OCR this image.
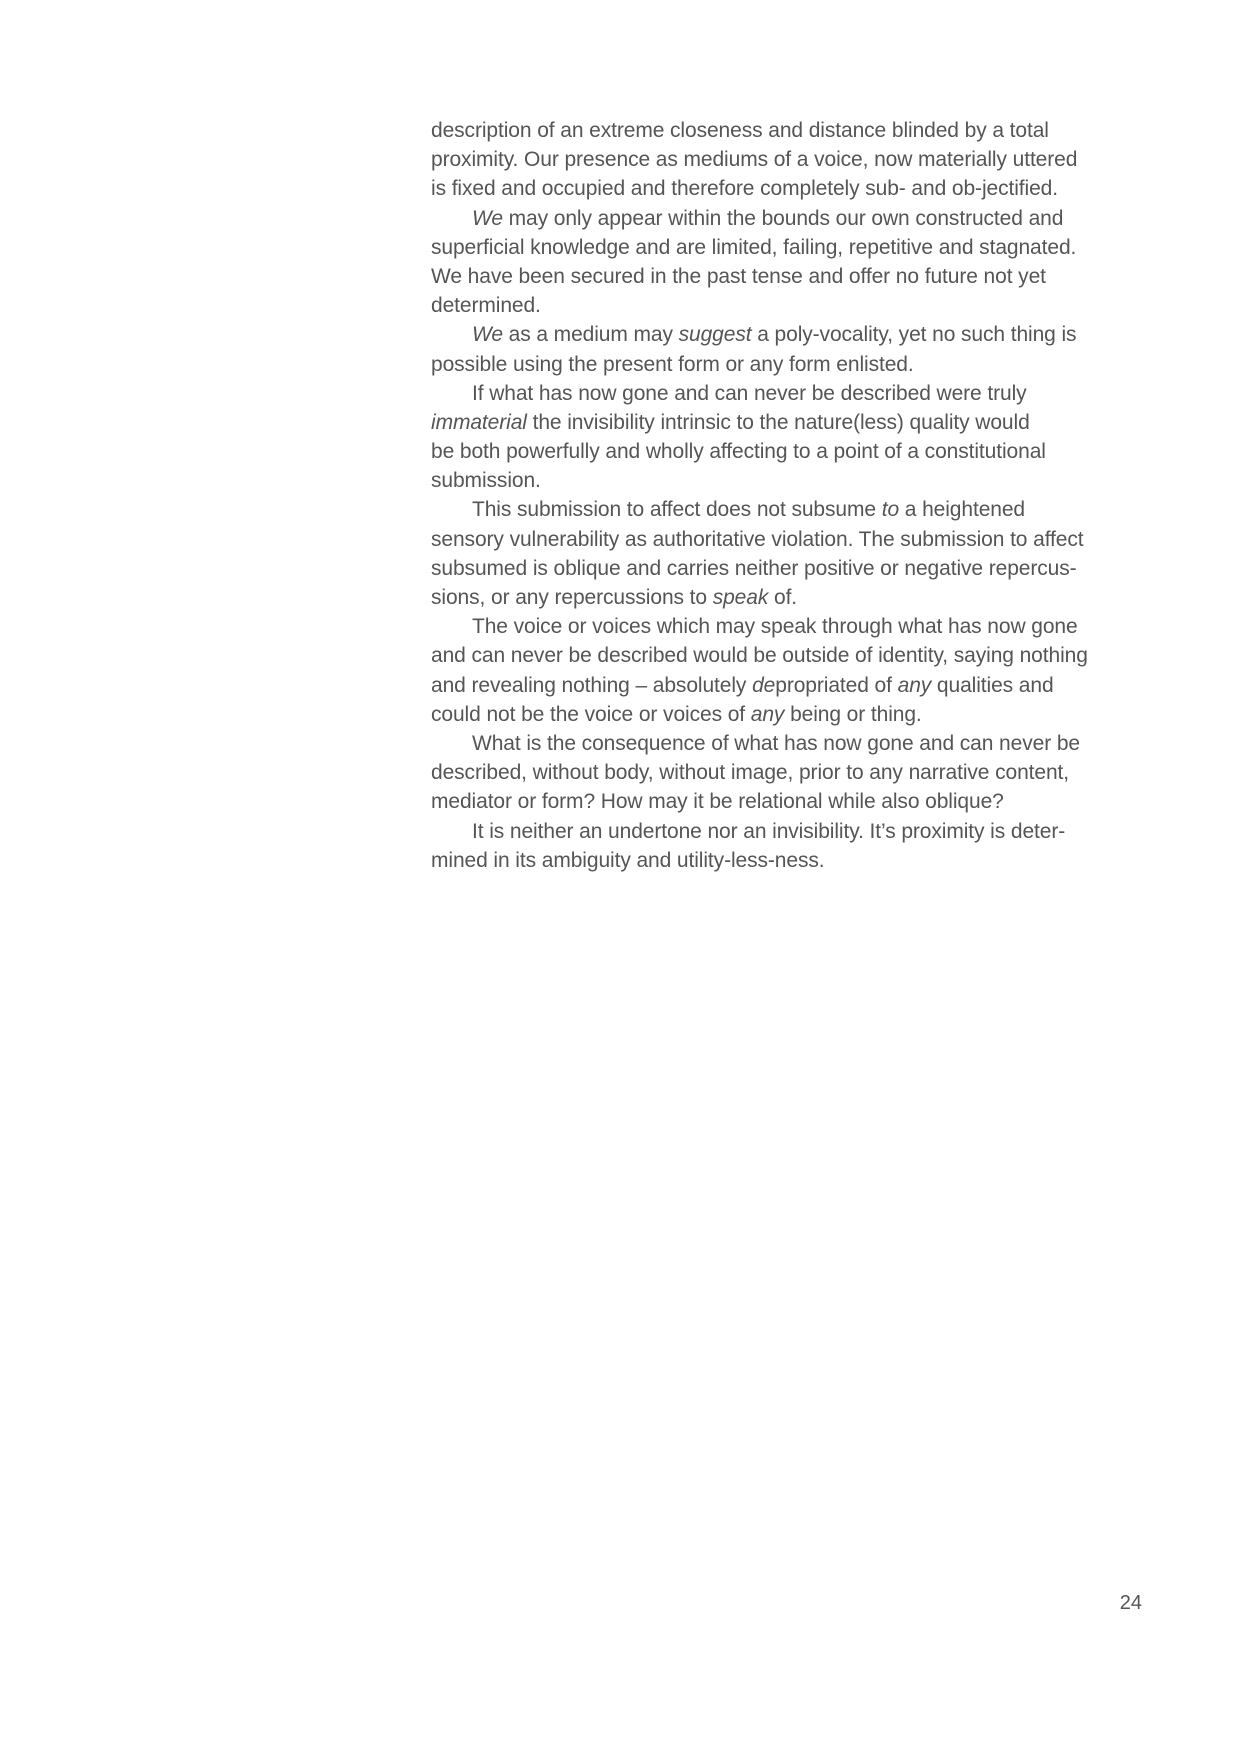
description of an extreme closeness and distance blinded by a total
proximity. Our presence as mediums of a voice, now materially uttered
is fixed and occupied and therefore completely sub- and ob-jectified.
We may only appear within the bounds our own constructed and
superficial knowledge and are limited, failing, repetitive and stagnated.
We have been secured in the past tense and offer no future not yet
determined.
We as a medium may suggest a poly-vocality, yet no such thing is
possible using the present form or any form enlisted.
If what has now gone and can never be described were truly
immaterial the invisibility intrinsic to the nature(less) quality would
be both powerfully and wholly affecting to a point of a constitutional
submission.
This submission to affect does not subsume to a heightened
sensory vulnerability as authoritative violation. The submission to affect
subsumed is oblique and carries neither positive or negative repercus-
sions, or any repercussions to speak of.
The voice or voices which may speak through what has now gone
and can never be described would be outside of identity, saying nothing
and revealing nothing – absolutely depropriated of any qualities and
could not be the voice or voices of any being or thing.
What is the consequence of what has now gone and can never be
described, without body, without image, prior to any narrative content,
mediator or form? How may it be relational while also oblique?
It is neither an undertone nor an invisibility. It’s proximity is deter-
mined in its ambiguity and utility-less-ness.
24
